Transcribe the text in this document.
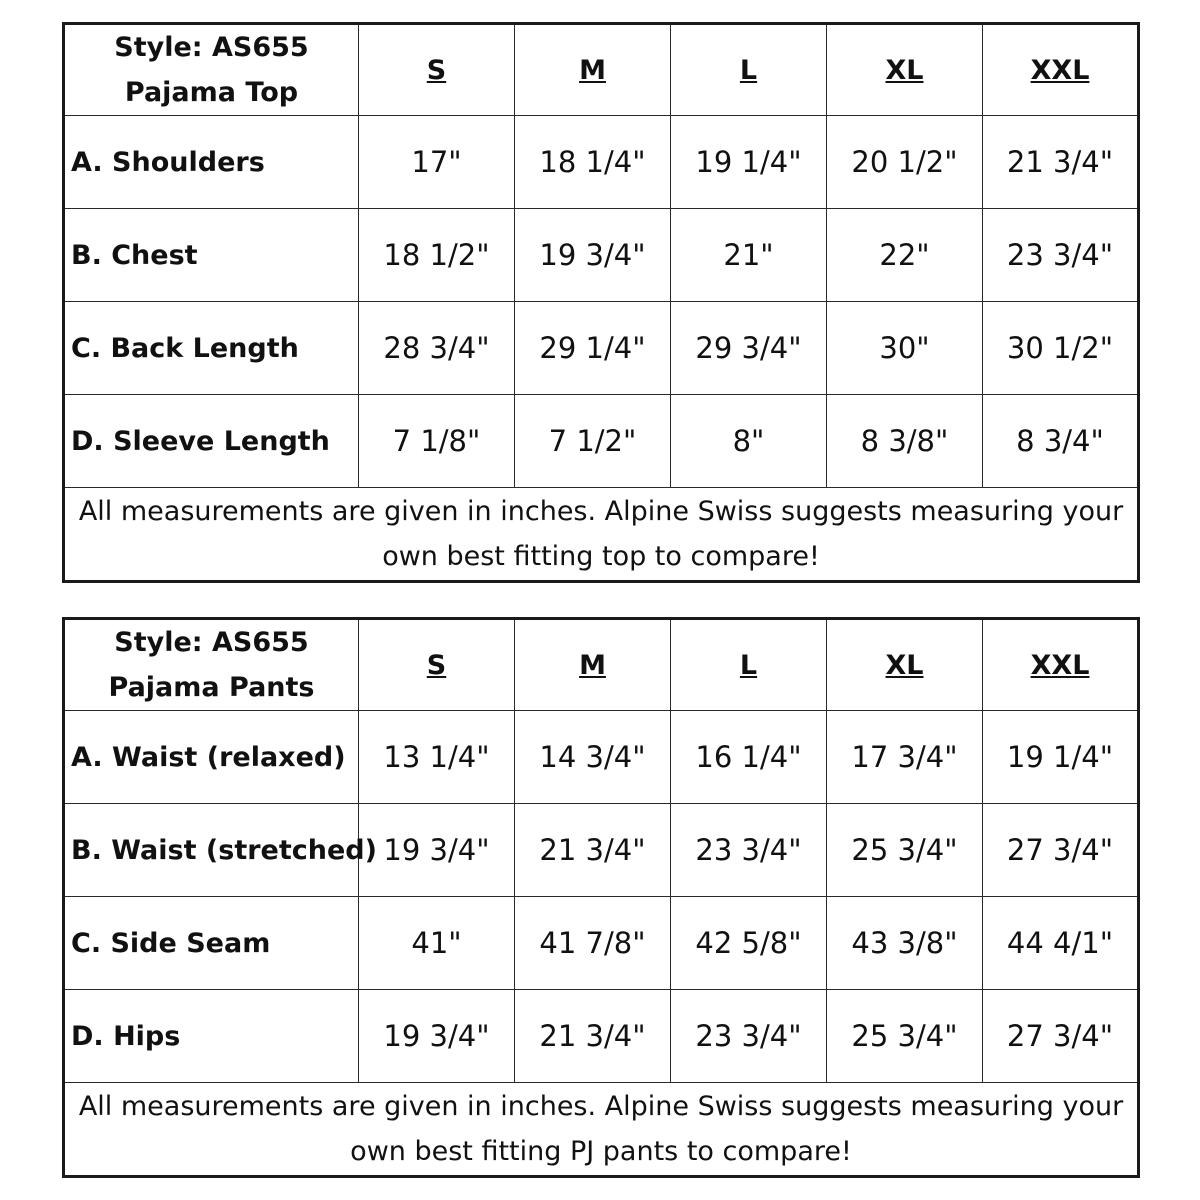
Style: AS655
Pajama Top	S	M	L	XL	XXL
A. Shoulders	17"	18 1/4"	19 1/4"	20 1/2"	21 3/4"
B. Chest	18 1/2"	19 3/4"	21"	22"	23 3/4"
C. Back Length	28 3/4"	29 1/4"	29 3/4"	30"	30 1/2"
D. Sleeve Length	7 1/8"	7 1/2"	8"	8 3/8"	8 3/4"

All measurements are given in inches. Alpine Swiss suggests measuring your
own best fitting top to compare!					
Style: AS655
Pajama Pants	S	M	L	XL	XXL
A. Waist (relaxed)	13 1/4"	14 3/4"	16 1/4"	17 3/4"	19 1/4"
B. Waist (stretched)	19 3/4"	21 3/4"	23 3/4"	25 3/4"	27 3/4"
C. Side Seam	41"	41 7/8"	42 5/8"	43 3/8"	44 4/1"
D. Hips	19 3/4"	21 3/4"	23 3/4"	25 3/4"	27 3/4"

All measurements are given in inches. Alpine Swiss suggests measuring your
own best fitting PJ pants to compare!					
